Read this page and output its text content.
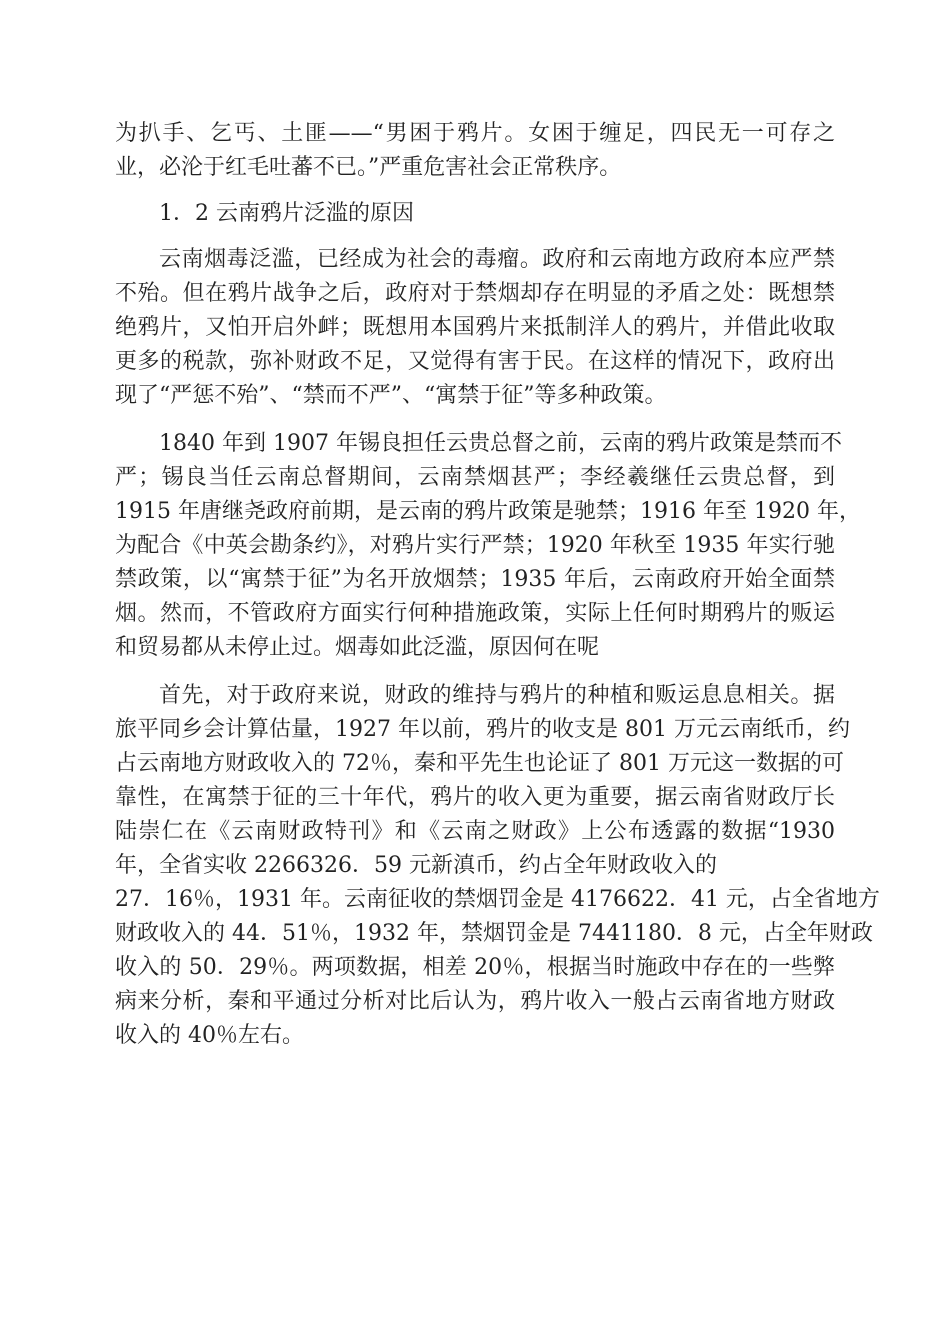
为扒手、乞丐、土匪——“男困于鸦片。女困于缠足，四民无一可存之
业，必沦于红毛吐蕃不已。”严重危害社会正常秩序。
1．2 云南鸦片泛滥的原因
云南烟毒泛滥，已经成为社会的毒瘤。政府和云南地方政府本应严禁
不殆。但在鸦片战争之后，政府对于禁烟却存在明显的矛盾之处：既想禁
绝鸦片，又怕开启外衅；既想用本国鸦片来抵制洋人的鸦片，并借此收取
更多的税款，弥补财政不足，又觉得有害于民。在这样的情况下，政府出
现了“严惩不殆”、“禁而不严”、“寓禁于征”等多种政策。
1840 年到 1907 年锡良担任云贵总督之前，云南的鸦片政策是禁而不
严；锡良当任云南总督期间，云南禁烟甚严；李经羲继任云贵总督，到
1915 年唐继尧政府前期，是云南的鸦片政策是驰禁；1916 年至 1920 年，
为配合《中英会勘条约》，对鸦片实行严禁；1920 年秋至 1935 年实行驰
禁政策，以“寓禁于征”为名开放烟禁；1935 年后，云南政府开始全面禁
烟。然而，不管政府方面实行何种措施政策，实际上任何时期鸦片的贩运
和贸易都从未停止过。烟毒如此泛滥，原因何在呢
首先，对于政府来说，财政的维持与鸦片的种植和贩运息息相关。据
旅平同乡会计算估量，1927 年以前，鸦片的收支是 801 万元云南纸币，约
占云南地方财政收入的 72％，秦和平先生也论证了 801 万元这一数据的可
靠性，在寓禁于征的三十年代，鸦片的收入更为重要，据云南省财政厅长
陆崇仁在《云南财政特刊》和《云南之财政》上公布透露的数据“1930
年，全省实收 2266326．59 元新滇币，约占全年财政收入的
27．16％，1931 年。云南征收的禁烟罚金是 4176622．41 元，占全省地方
财政收入的 44．51％，1932 年，禁烟罚金是 7441180．8 元，占全年财政
收入的 50．29％。两项数据，相差 20％，根据当时施政中存在的一些弊
病来分析，秦和平通过分析对比后认为，鸦片收入一般占云南省地方财政
收入的 40％左右。
